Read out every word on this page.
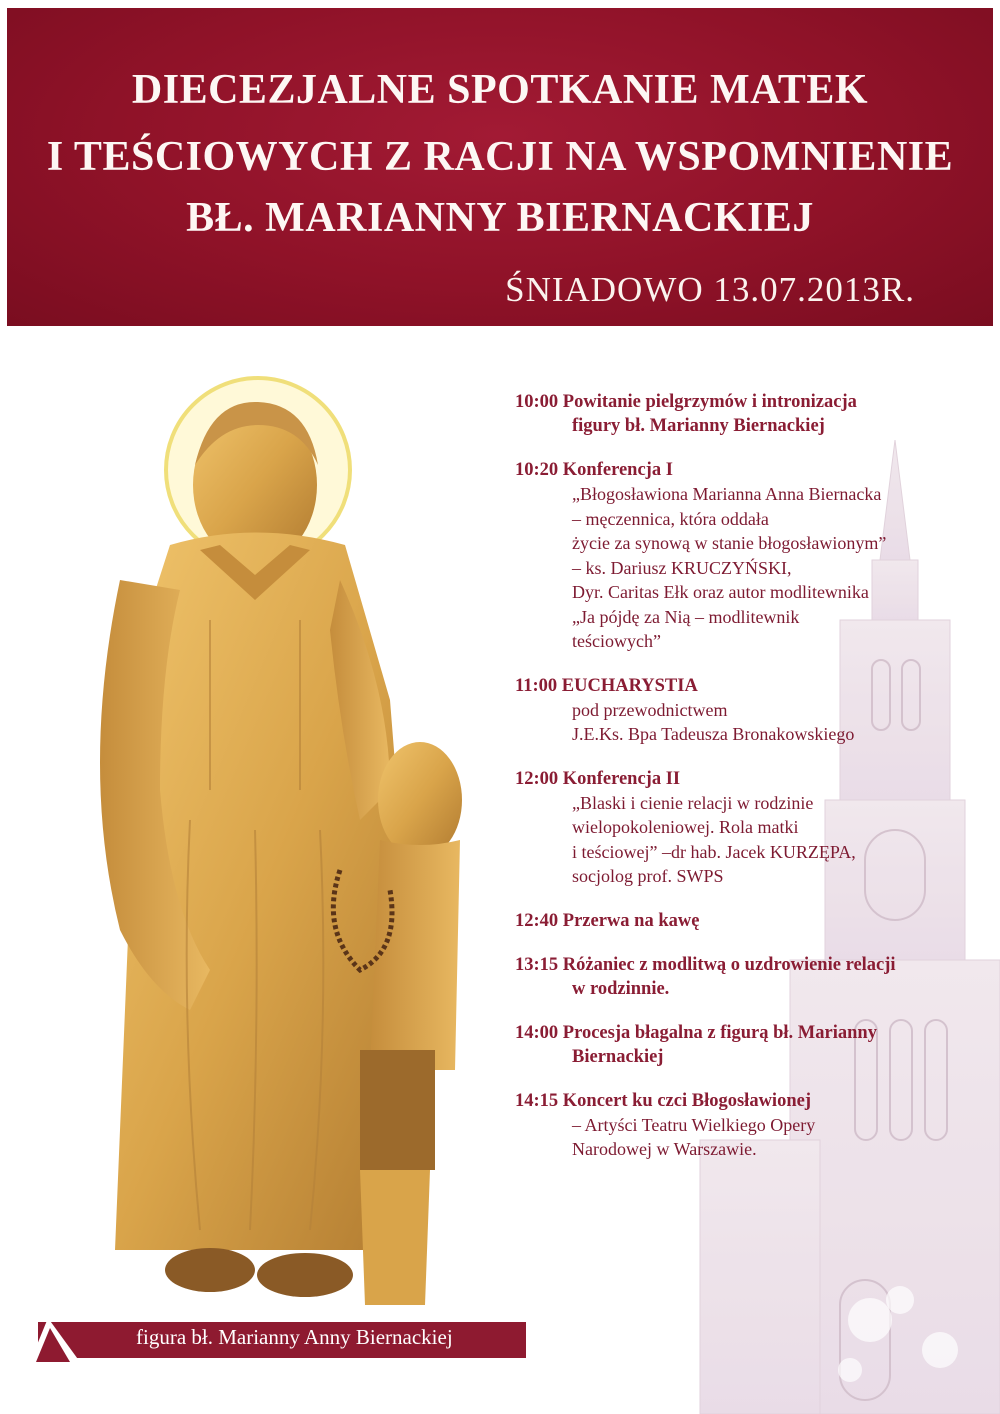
DIECEZJALNE SPOTKANIE MATEK
I TEŚCIOWYCH Z RACJI NA WSPOMNIENIE
BŁ. MARIANNY BIERNACKIEJ
ŚNIADOWO 13.07.2013R.
10:00 Powitanie pielgrzymów i intronizacja
figury bł. Marianny Biernackiej
10:20 Konferencja I
„Błogosławiona Marianna Anna Biernacka
– męczennica, która oddała
życie za synową w stanie błogosławionym”
– ks. Dariusz KRUCZYŃSKI,
Dyr. Caritas Ełk oraz autor modlitewnika
„Ja pójdę za Nią – modlitewnik
teściowych”
11:00 EUCHARYSTIA
pod przewodnictwem
J.E.Ks. Bpa Tadeusza Bronakowskiego
12:00 Konferencja II
„Blaski i cienie relacji w rodzinie
wielopokoleniowej. Rola matki
i teściowej” –dr hab. Jacek KURZĘPA,
socjolog prof. SWPS
12:40 Przerwa na kawę
13:15 Różaniec z modlitwą o uzdrowienie relacji
w rodzinnie.
14:00 Procesja błagalna z figurą bł. Marianny
Biernackiej
14:15 Koncert ku czci Błogosławionej
– Artyści Teatru Wielkiego Opery
Narodowej w Warszawie.
figura bł. Marianny Anny Biernackiej
